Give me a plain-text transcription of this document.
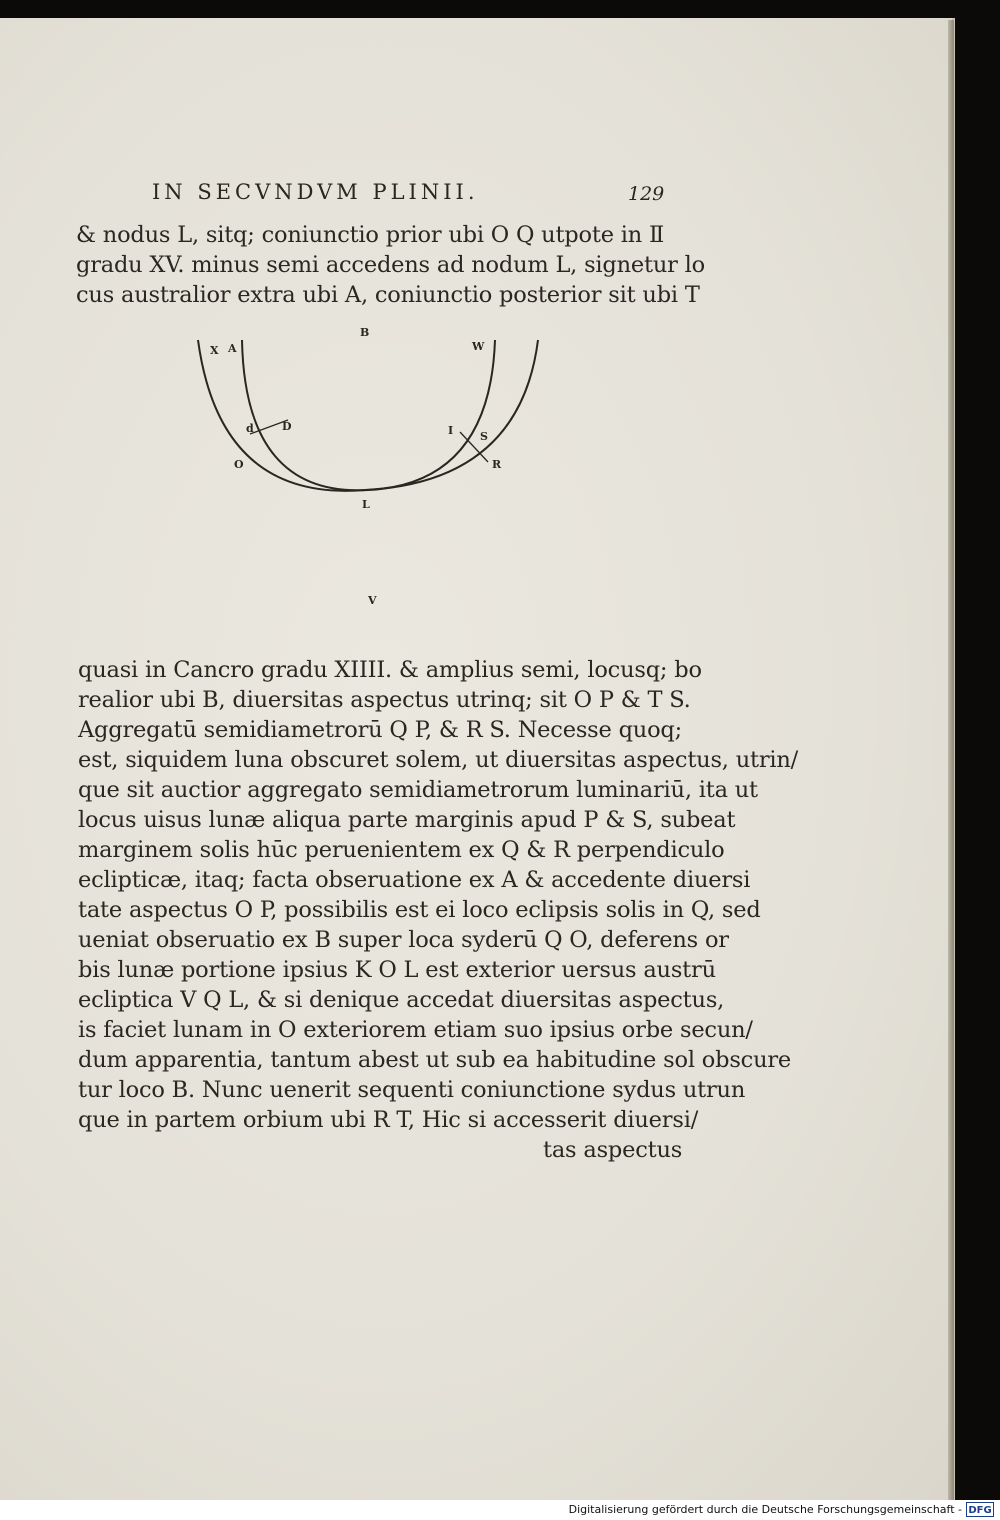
IN SECVNDVM PLINII.	129
& nodus L, sitq; coniunctio prior ubi O Q utpote in Ⅱ
gradu XV. minus semi accedens ad nodum L, signetur lo
cus australior extra ubi A, coniunctio posterior sit ubi T
B
X A	W
d	D
O
I S
R
L
V
quasi in Cancro gradu XIIII. & amplius semi, locusq; bo
realior ubi B, diuersitas aspectus utrinq; sit O P & T S.
Aggregatū semidiametrorū Q P, & R S. Necesse quoq;
est, siquidem luna obscuret solem, ut diuersitas aspectus, utrin/
que sit auctior aggregato semidiametrorum luminariū, ita ut
locus uisus lunæ aliqua parte marginis apud P & S, subeat
marginem solis hūc peruenientem ex Q & R perpendiculo
eclipticæ, itaq; facta obseruatione ex A & accedente diuersi
tate aspectus O P, possibilis est ei loco eclipsis solis in Q, sed
ueniat obseruatio ex B super loca syderū Q O, deferens or
bis lunæ portione ipsius K O L est exterior uersus austrū
ecliptica V Q L, & si denique accedat diuersitas aspectus,
is faciet lunam in O exteriorem etiam suo ipsius orbe secun/
dum apparentia, tantum abest ut sub ea habitudine sol obscure
tur loco B. Nunc uenerit sequenti coniunctione sydus utrun
que in partem orbium ubi R T, Hic si accesserit diuersi/
tas aspectus
Digitalisierung gefördert durch die Deutsche Forschungsgemeinschaft - DFG
